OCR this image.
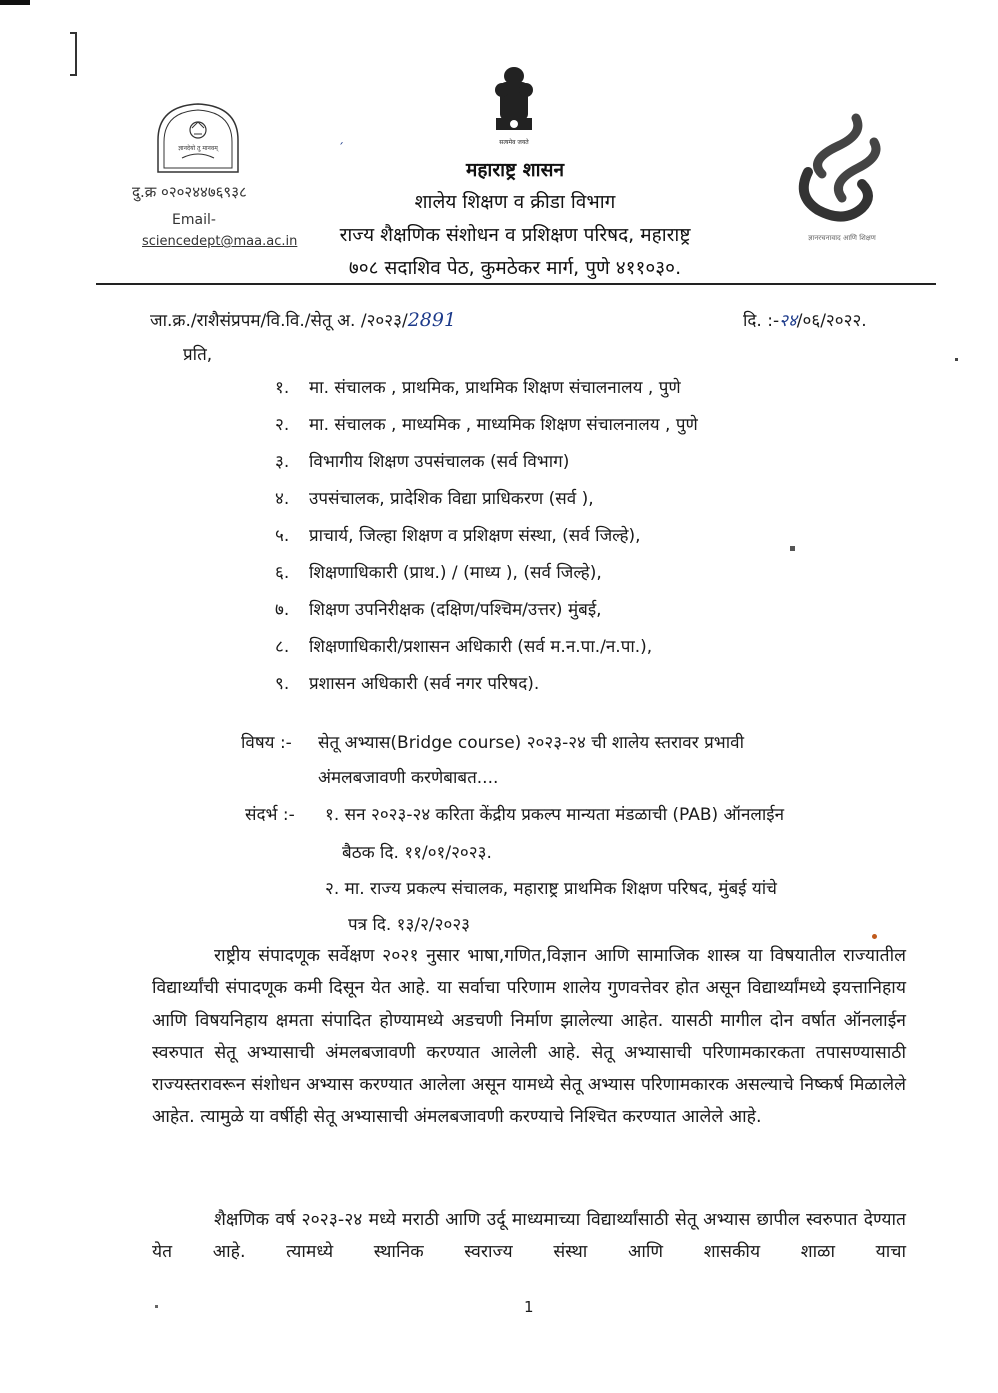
ज्ञानदेयो तु मानवम्
दु.क्र ०२०२४४७६९३८
Email-
sciencedept@maa.ac.in
सत्यमेव जयते
ˊ
महाराष्ट्र शासन
शालेय शिक्षण व क्रीडा विभाग
राज्य शैक्षणिक संशोधन व प्रशिक्षण परिषद, महाराष्ट्र
७०८ सदाशिव पेठ, कुमठेकर मार्ग, पुणे ४११०३०.
ज्ञानरचनावाद आणि शिक्षण
जा.क्र./राशैसंप्रपम/वि.वि./सेतू अ. /२०२३/2891	दि. :-२४/०६/२०२२.
प्रति,
१. मा. संचालक , प्राथमिक, प्राथमिक शिक्षण संचालनालय , पुणे
२. मा. संचालक , माध्यमिक , माध्यमिक शिक्षण संचालनालय , पुणे
३. विभागीय शिक्षण उपसंचालक (सर्व विभाग)
४. उपसंचालक, प्रादेशिक विद्या प्राधिकरण (सर्व ),
५. प्राचार्य, जिल्हा शिक्षण व प्रशिक्षण संस्था, (सर्व जिल्हे),
६. शिक्षणाधिकारी (प्राथ.) / (माध्य ), (सर्व जिल्हे),
७. शिक्षण उपनिरीक्षक (दक्षिण/पश्चिम/उत्तर) मुंबई,
८. शिक्षणाधिकारी/प्रशासन अधिकारी (सर्व म.न.पा./न.पा.),
९. प्रशासन अधिकारी (सर्व नगर परिषद).
विषय :- सेतू अभ्यास(Bridge course) २०२३-२४ ची शालेय स्तरावर प्रभावी
अंमलबजावणी करणेबाबत....
संदर्भ :- १. सन २०२३-२४ करिता केंद्रीय प्रकल्प मान्यता मंडळाची (PAB) ऑनलाईन
बैठक दि. ११/०१/२०२३.
२. मा. राज्य प्रकल्प संचालक, महाराष्ट्र प्राथमिक शिक्षण परिषद, मुंबई यांचे
पत्र दि. १३/२/२०२३
राष्ट्रीय संपादणूक सर्वेक्षण २०२१ नुसार भाषा,गणित,विज्ञान आणि सामाजिक शास्त्र या विषयातील राज्यातील विद्यार्थ्यांची संपादणूक कमी दिसून येत आहे. या सर्वाचा परिणाम शालेय गुणवत्तेवर होत असून विद्यार्थ्यांमध्ये इयत्तानिहाय आणि विषयनिहाय क्षमता संपादित होण्यामध्ये अडचणी निर्माण झालेल्या आहेत. यासठी मागील दोन वर्षात ऑनलाईन स्वरुपात सेतू अभ्यासाची अंमलबजावणी करण्यात आलेली आहे. सेतू अभ्यासाची परिणामकारकता तपासण्यासाठी राज्यस्तरावरून संशोधन अभ्यास करण्यात आलेला असून यामध्ये सेतू अभ्यास परिणामकारक असल्याचे निष्कर्ष मिळालेले आहेत. त्यामुळे या वर्षीही सेतू अभ्यासाची अंमलबजावणी करण्याचे निश्चित करण्यात आलेले आहे.
शैक्षणिक वर्ष २०२३-२४ मध्ये मराठी आणि उर्दू माध्यमाच्या विद्यार्थ्यांसाठी सेतू अभ्यास छापील स्वरुपात देण्यात येत आहे. त्यामध्ये स्थानिक स्वराज्य संस्था आणि शासकीय शाळा याचा
1
